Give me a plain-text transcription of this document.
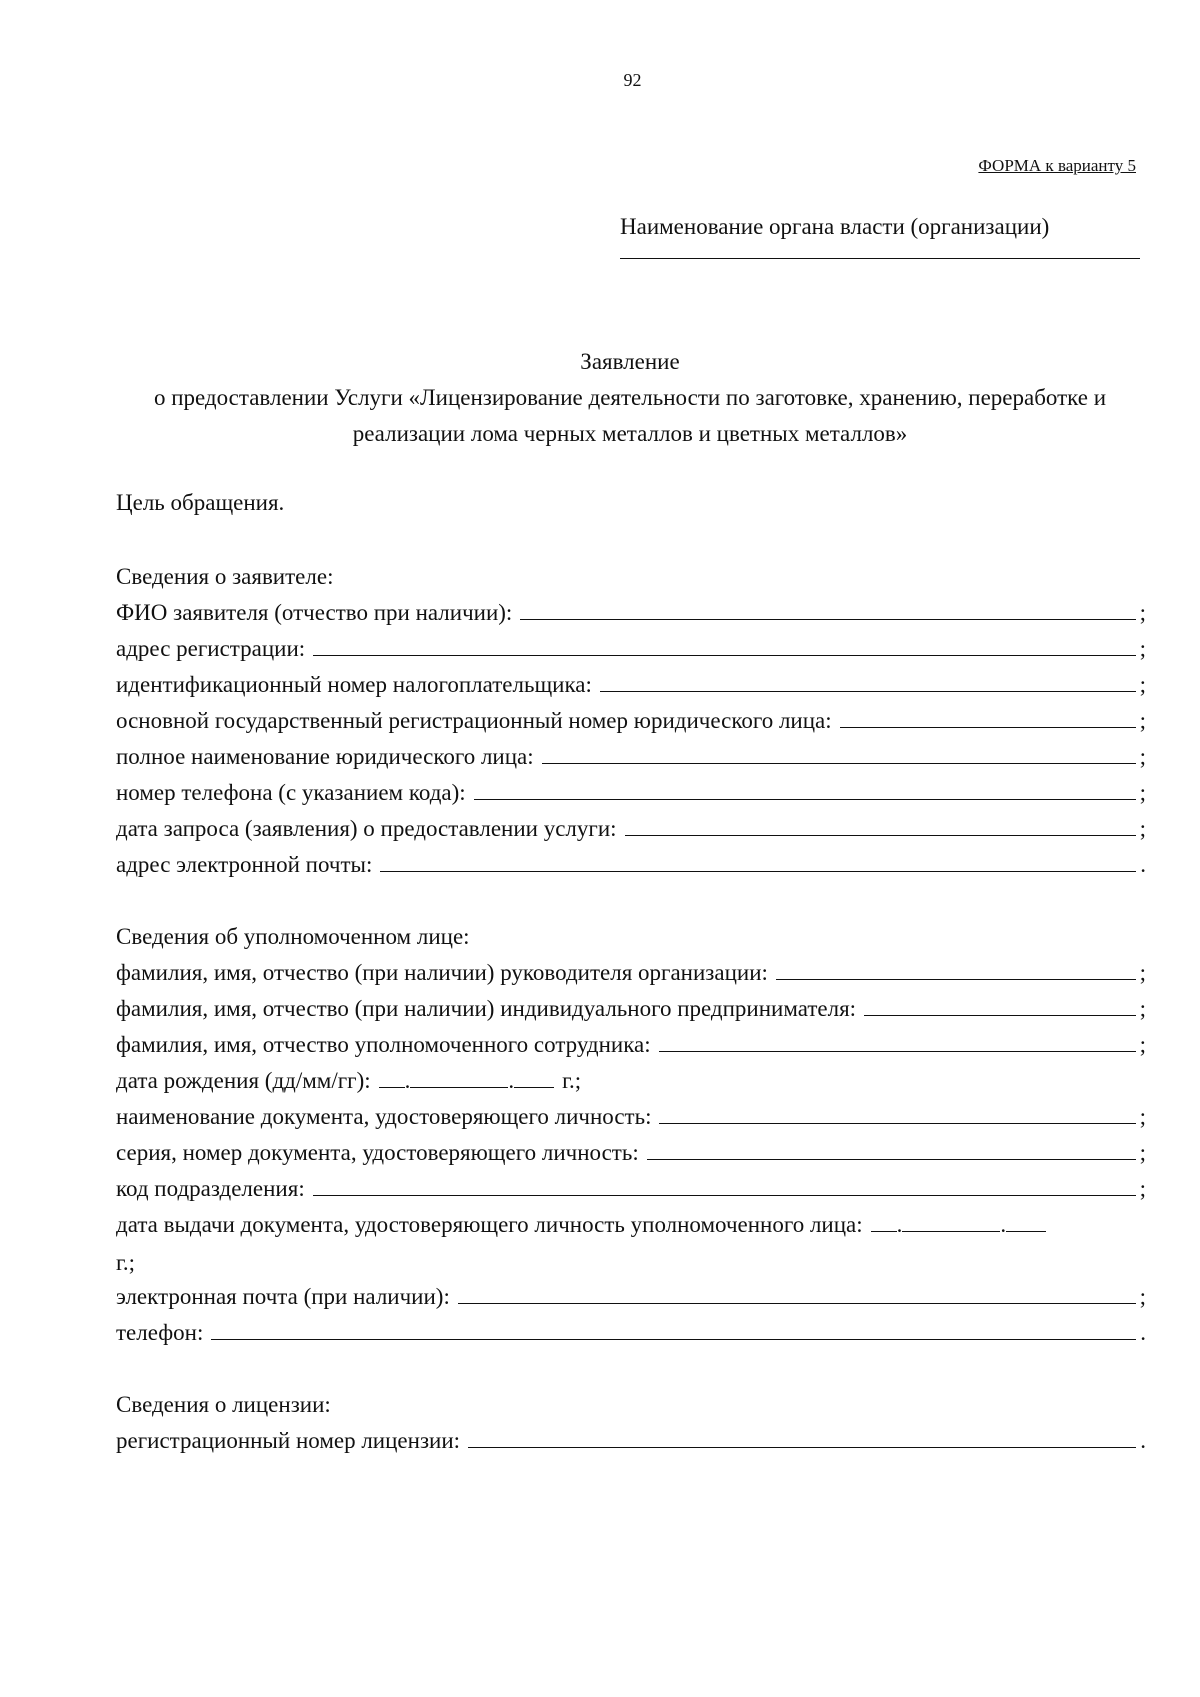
92
ФОРМА к варианту 5
Наименование органа власти (организации)
Заявление
о предоставлении Услуги «Лицензирование деятельности по заготовке, хранению, переработке и
реализации лома черных металлов и цветных металлов»
Цель обращения.
Сведения о заявителе:
ФИО заявителя (отчество при наличии):	;
адрес регистрации:	;
идентификационный номер налогоплательщика:	;
основной государственный регистрационный номер юридического лица:	;
полное наименование юридического лица:	;
номер телефона (с указанием кода):	;
дата запроса (заявления) о предоставлении услуги:	;
адрес электронной почты:	.
Сведения об уполномоченном лице:
фамилия, имя, отчество (при наличии) руководителя организации:	;
фамилия, имя, отчество (при наличии) индивидуального предпринимателя:	;
фамилия, имя, отчество уполномоченного сотрудника:	;
дата рождения (дд/мм/гг): .	. г.;
наименование документа, удостоверяющего личность:	;
серия, номер документа, удостоверяющего личность:	;
код подразделения:	;
дата выдачи документа, удостоверяющего личность уполномоченного лица: .	.
г.;
электронная почта (при наличии):	;
телефон:	.
Сведения о лицензии:
регистрационный номер лицензии:	.
